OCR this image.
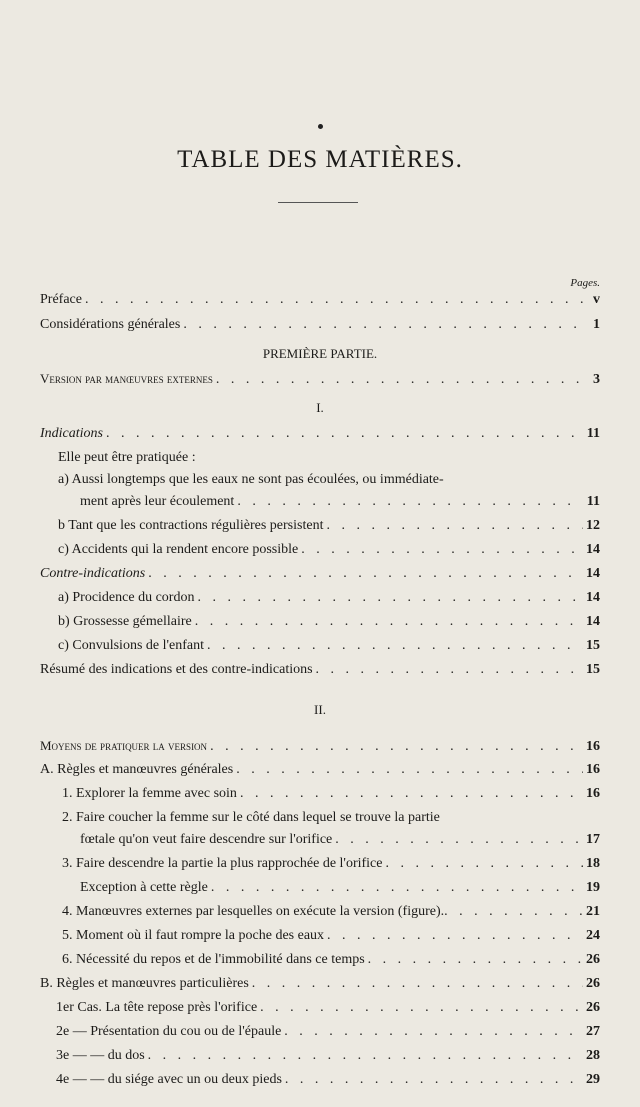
TABLE DES MATIÈRES.
Pages.
Préface . . .	v
Considérations générales . . .	1
PREMIÈRE PARTIE.
Version par manœuvres externes . . .	3
I.
Indications . . .	11
Elle peut être pratiquée :
a) Aussi longtemps que les eaux ne sont pas écoulées, ou immédiate-
ment après leur écoulement . . .	11
b Tant que les contractions régulières persistent . . .	12
c) Accidents qui la rendent encore possible . . .	14
Contre-indications . . .	14
a) Procidence du cordon . . .	14
b) Grossesse gémellaire . . .	14
c) Convulsions de l'enfant . . .	15
Résumé des indications et des contre-indications . . .	15
II.
Moyens de pratiquer la version . . .	16
A. Règles et manœuvres générales . . .	16
1. Explorer la femme avec soin . . .	16
2. Faire coucher la femme sur le côté dans lequel se trouve la partie
fœtale qu'on veut faire descendre sur l'orifice . . .	17
3. Faire descendre la partie la plus rapprochée de l'orifice . . .	18
Exception à cette règle . . .	19
4. Manœuvres externes par lesquelles on exécute la version (figure). . . .	21
5. Moment où il faut rompre la poche des eaux . . .	24
6. Nécessité du repos et de l'immobilité dans ce temps . . .	26
B. Règles et manœuvres particulières . . .	26
1er Cas. La tête repose près l'orifice . . .	26
2e — Présentation du cou ou de l'épaule . . .	27
3e — — du dos . . .	28
4e — — du siége avec un ou deux pieds . . .	29
